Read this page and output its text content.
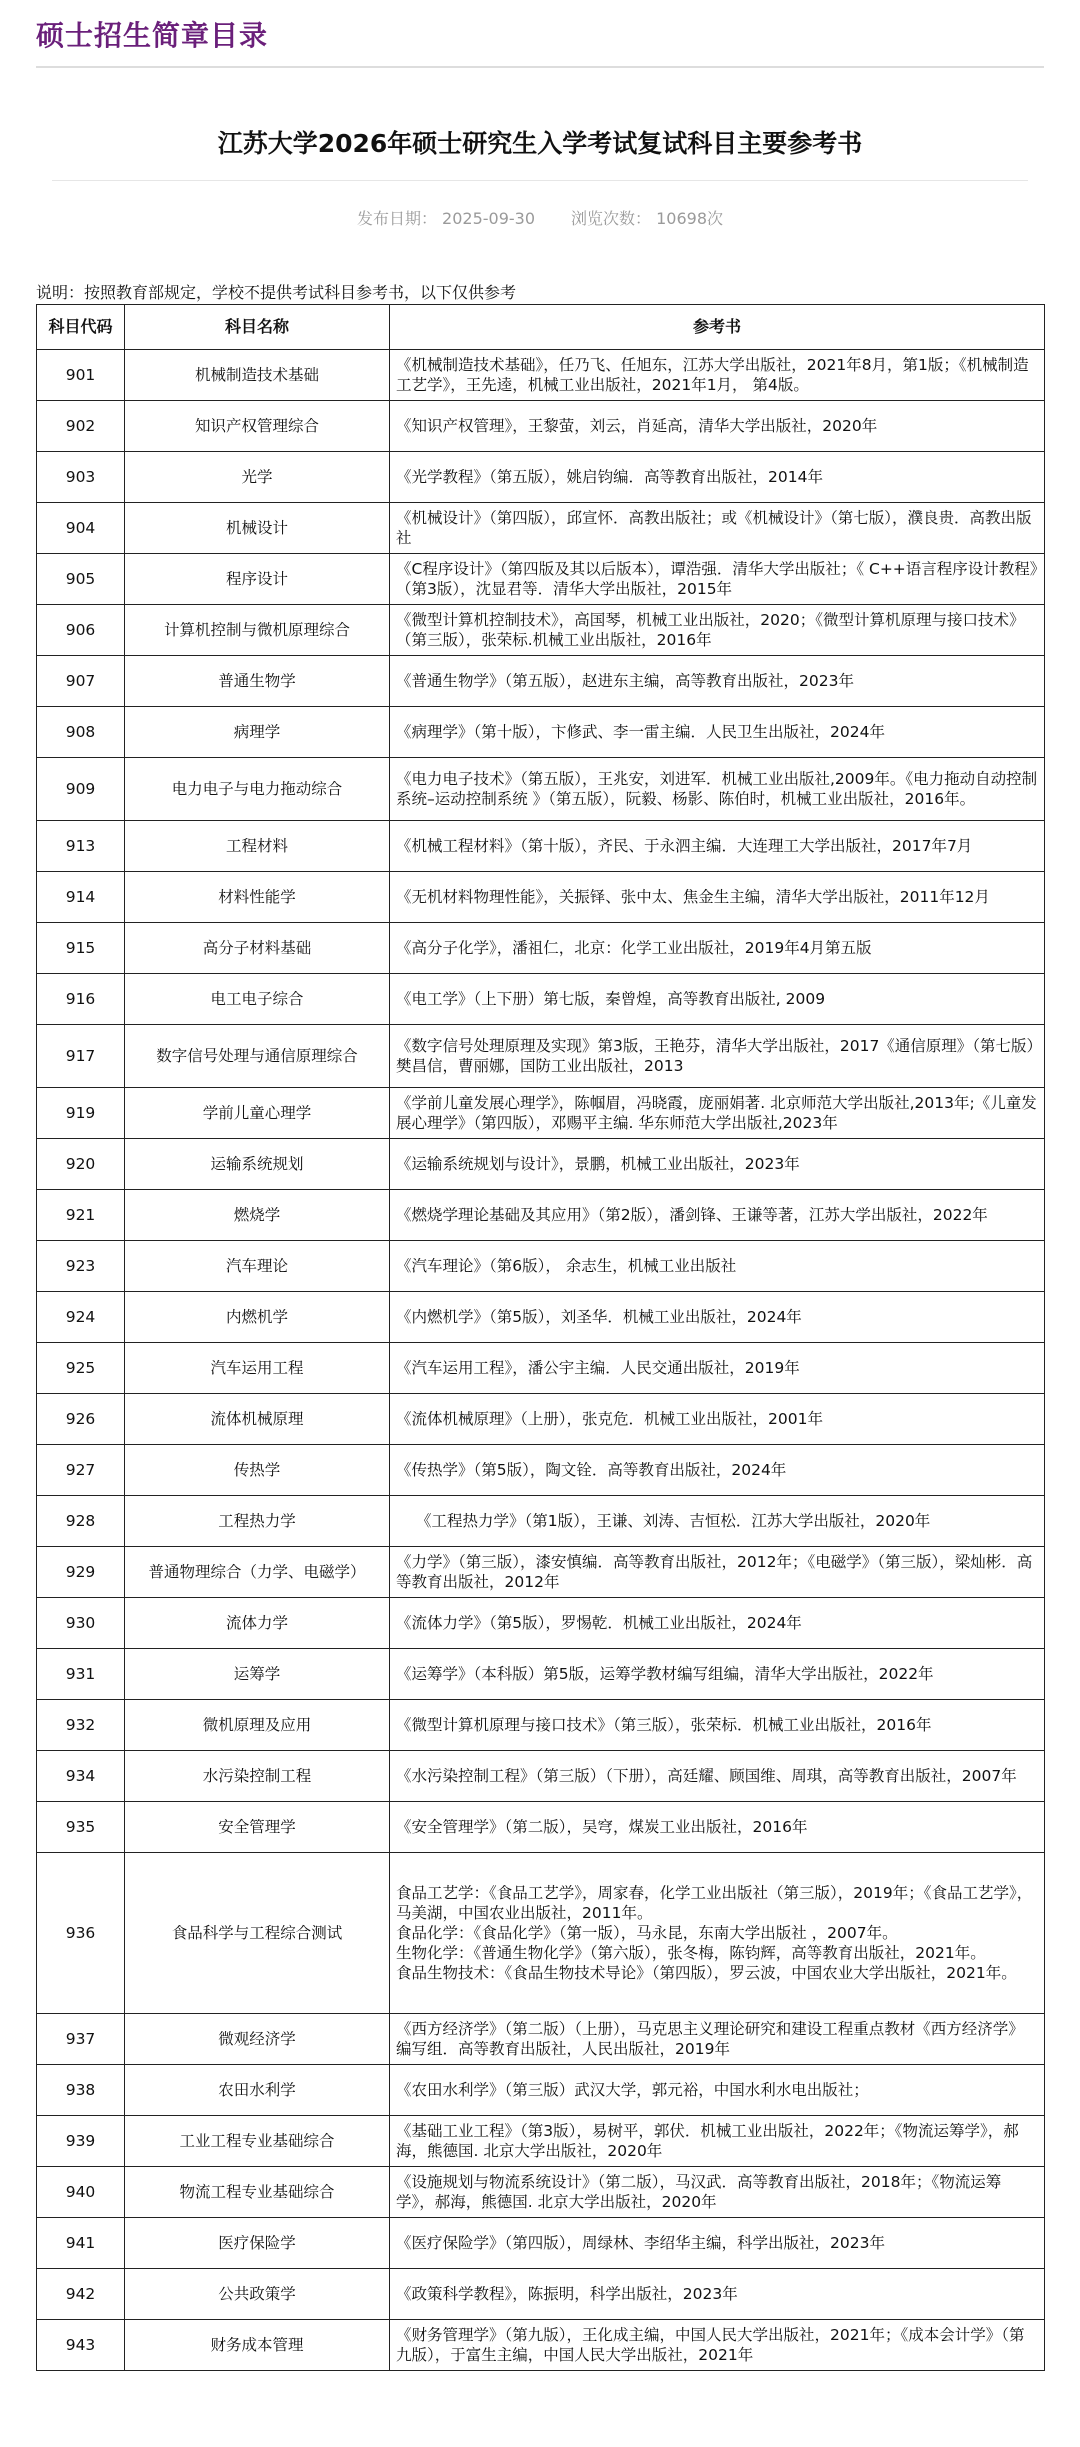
硕士招生简章目录
江苏大学2026年硕士研究生入学考试复试科目主要参考书
发布日期： 2025-09-30 浏览次数： 10698次
说明：按照教育部规定，学校不提供考试科目参考书，以下仅供参考
科目代码	科目名称	参考书
901	机械制造技术基础	《机械制造技术基础》，任乃飞、任旭东，江苏大学出版社，2021年8月，第1版；《机械制造工艺学》，王先逵，机械工业出版社，2021年1月， 第4版。
902	知识产权管理综合	《知识产权管理》，王黎萤，刘云，肖延高，清华大学出版社，2020年
903	光学	《光学教程》（第五版），姚启钧编．高等教育出版社，2014年
904	机械设计	《机械设计》（第四版），邱宣怀．高教出版社；或《机械设计》（第七版），濮良贵．高教出版社
905	程序设计	《C程序设计》（第四版及其以后版本），谭浩强．清华大学出版社；《 C++语言程序设计教程》（第3版），沈显君等．清华大学出版社，2015年
906	计算机控制与微机原理综合	《微型计算机控制技术》，高国琴，机械工业出版社，2020；《微型计算机原理与接口技术》（第三版），张荣标.机械工业出版社，2016年
907	普通生物学	《普通生物学》（第五版），赵进东主编，高等教育出版社，2023年
908	病理学	《病理学》（第十版），卞修武、李一雷主编．人民卫生出版社，2024年
909	电力电子与电力拖动综合	《电力电子技术》（第五版），王兆安，刘进军．机械工业出版社,2009年。《电力拖动自动控制系统–运动控制系统 》（第五版），阮毅、杨影、陈伯时，机械工业出版社，2016年。
913	工程材料	《机械工程材料》（第十版），齐民、于永泗主编．大连理工大学出版社，2017年7月
914	材料性能学	《无机材料物理性能》，关振铎、张中太、焦金生主编，清华大学出版社，2011年12月
915	高分子材料基础	《高分子化学》，潘祖仁，北京：化学工业出版社，2019年4月第五版
916	电工电子综合	《电工学》（上下册）第七版，秦曾煌，高等教育出版社, 2009
917	数字信号处理与通信原理综合	《数字信号处理原理及实现》第3版，王艳芬，清华大学出版社，2017《通信原理》（第七版）樊昌信，曹丽娜，国防工业出版社，2013
919	学前儿童心理学	《学前儿童发展心理学》，陈帼眉，冯晓霞，庞丽娟著. 北京师范大学出版社,2013年;《儿童发展心理学》（第四版），邓赐平主编. 华东师范大学出版社,2023年
920	运输系统规划	《运输系统规划与设计》，景鹏，机械工业出版社，2023年
921	燃烧学	《燃烧学理论基础及其应用》（第2版），潘剑锋、王谦等著，江苏大学出版社，2022年
923	汽车理论	《汽车理论》（第6版）， 余志生，机械工业出版社
924	内燃机学	《内燃机学》（第5版），刘圣华．机械工业出版社，2024年
925	汽车运用工程	《汽车运用工程》，潘公宇主编．人民交通出版社，2019年
926	流体机械原理	《流体机械原理》（上册），张克危．机械工业出版社，2001年
927	传热学	《传热学》（第5版），陶文铨．高等教育出版社，2024年
928	工程热力学	《工程热力学》（第1版），王谦、刘涛、吉恒松．江苏大学出版社，2020年
929	普通物理综合（力学、电磁学）	《力学》（第三版），漆安慎编．高等教育出版社，2012年；《电磁学》（第三版），梁灿彬．高等教育出版社，2012年
930	流体力学	《流体力学》（第5版），罗惕乾．机械工业出版社，2024年
931	运筹学	《运筹学》（本科版）第5版，运筹学教材编写组编，清华大学出版社，2022年
932	微机原理及应用	《微型计算机原理与接口技术》（第三版），张荣标．机械工业出版社，2016年
934	水污染控制工程	《水污染控制工程》（第三版）（下册），高廷耀、顾国维、周琪，高等教育出版社，2007年
935	安全管理学	《安全管理学》（第二版），吴穹，煤炭工业出版社，2016年
936	食品科学与工程综合测试	食品工艺学：《食品工艺学》，周家春，化学工业出版社（第三版），2019年；《食品工艺学》，马美湖，中国农业出版社，2011年。
食品化学：《食品化学》（第一版），马永昆，东南大学出版社 ，2007年。
生物化学：《普通生物化学》（第六版），张冬梅，陈钧辉，高等教育出版社，2021年。
食品生物技术：《食品生物技术导论》（第四版），罗云波，中国农业大学出版社，2021年。
937	微观经济学	《西方经济学》（第二版）（上册），马克思主义理论研究和建设工程重点教材《西方经济学》编写组．高等教育出版社，人民出版社，2019年
938	农田水利学	《农田水利学》（第三版）武汉大学，郭元裕，中国水利水电出版社；
939	工业工程专业基础综合	《基础工业工程》（第3版），易树平，郭伏．机械工业出版社，2022年；《物流运筹学》，郝海，熊德国. 北京大学出版社，2020年
940	物流工程专业基础综合	《设施规划与物流系统设计》（第二版），马汉武．高等教育出版社，2018年；《物流运筹学》，郝海，熊德国. 北京大学出版社，2020年
941	医疗保险学	《医疗保险学》（第四版），周绿林、李绍华主编，科学出版社，2023年
942	公共政策学	《政策科学教程》，陈振明，科学出版社，2023年
943	财务成本管理	《财务管理学》（第九版），王化成主编，中国人民大学出版社，2021年；《成本会计学》（第九版），于富生主编，中国人民大学出版社，2021年
